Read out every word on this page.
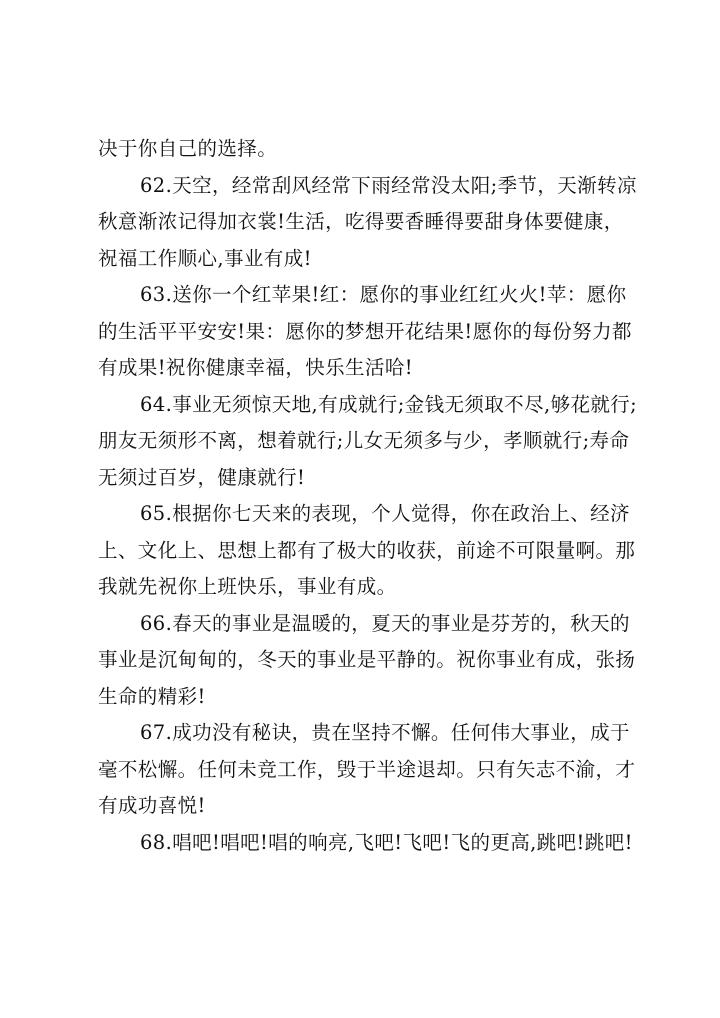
决于你自己的选择。

62.天空，经常刮风经常下雨经常没太阳;季节，天渐转凉秋意渐浓记得加衣裳!生活，吃得要香睡得要甜身体要健康，祝福工作顺心,事业有成!

63.送你一个红苹果!红：愿你的事业红红火火!苹：愿你的生活平平安安!果：愿你的梦想开花结果!愿你的每份努力都有成果!祝你健康幸福，快乐生活哈!

64.事业无须惊天地,有成就行;金钱无须取不尽,够花就行;朋友无须形不离，想着就行;儿女无须多与少，孝顺就行;寿命无须过百岁，健康就行!

65.根据你七天来的表现，个人觉得，你在政治上、经济上、文化上、思想上都有了极大的收获，前途不可限量啊。那我就先祝你上班快乐，事业有成。

66.春天的事业是温暖的，夏天的事业是芬芳的，秋天的事业是沉甸甸的，冬天的事业是平静的。祝你事业有成，张扬生命的精彩!

67.成功没有秘诀，贵在坚持不懈。任何伟大事业，成于毫不松懈。任何未竞工作，毁于半途退却。只有矢志不渝，才有成功喜悦!

68.唱吧!唱吧!唱的响亮,飞吧!飞吧!飞的更高,跳吧!跳吧!
